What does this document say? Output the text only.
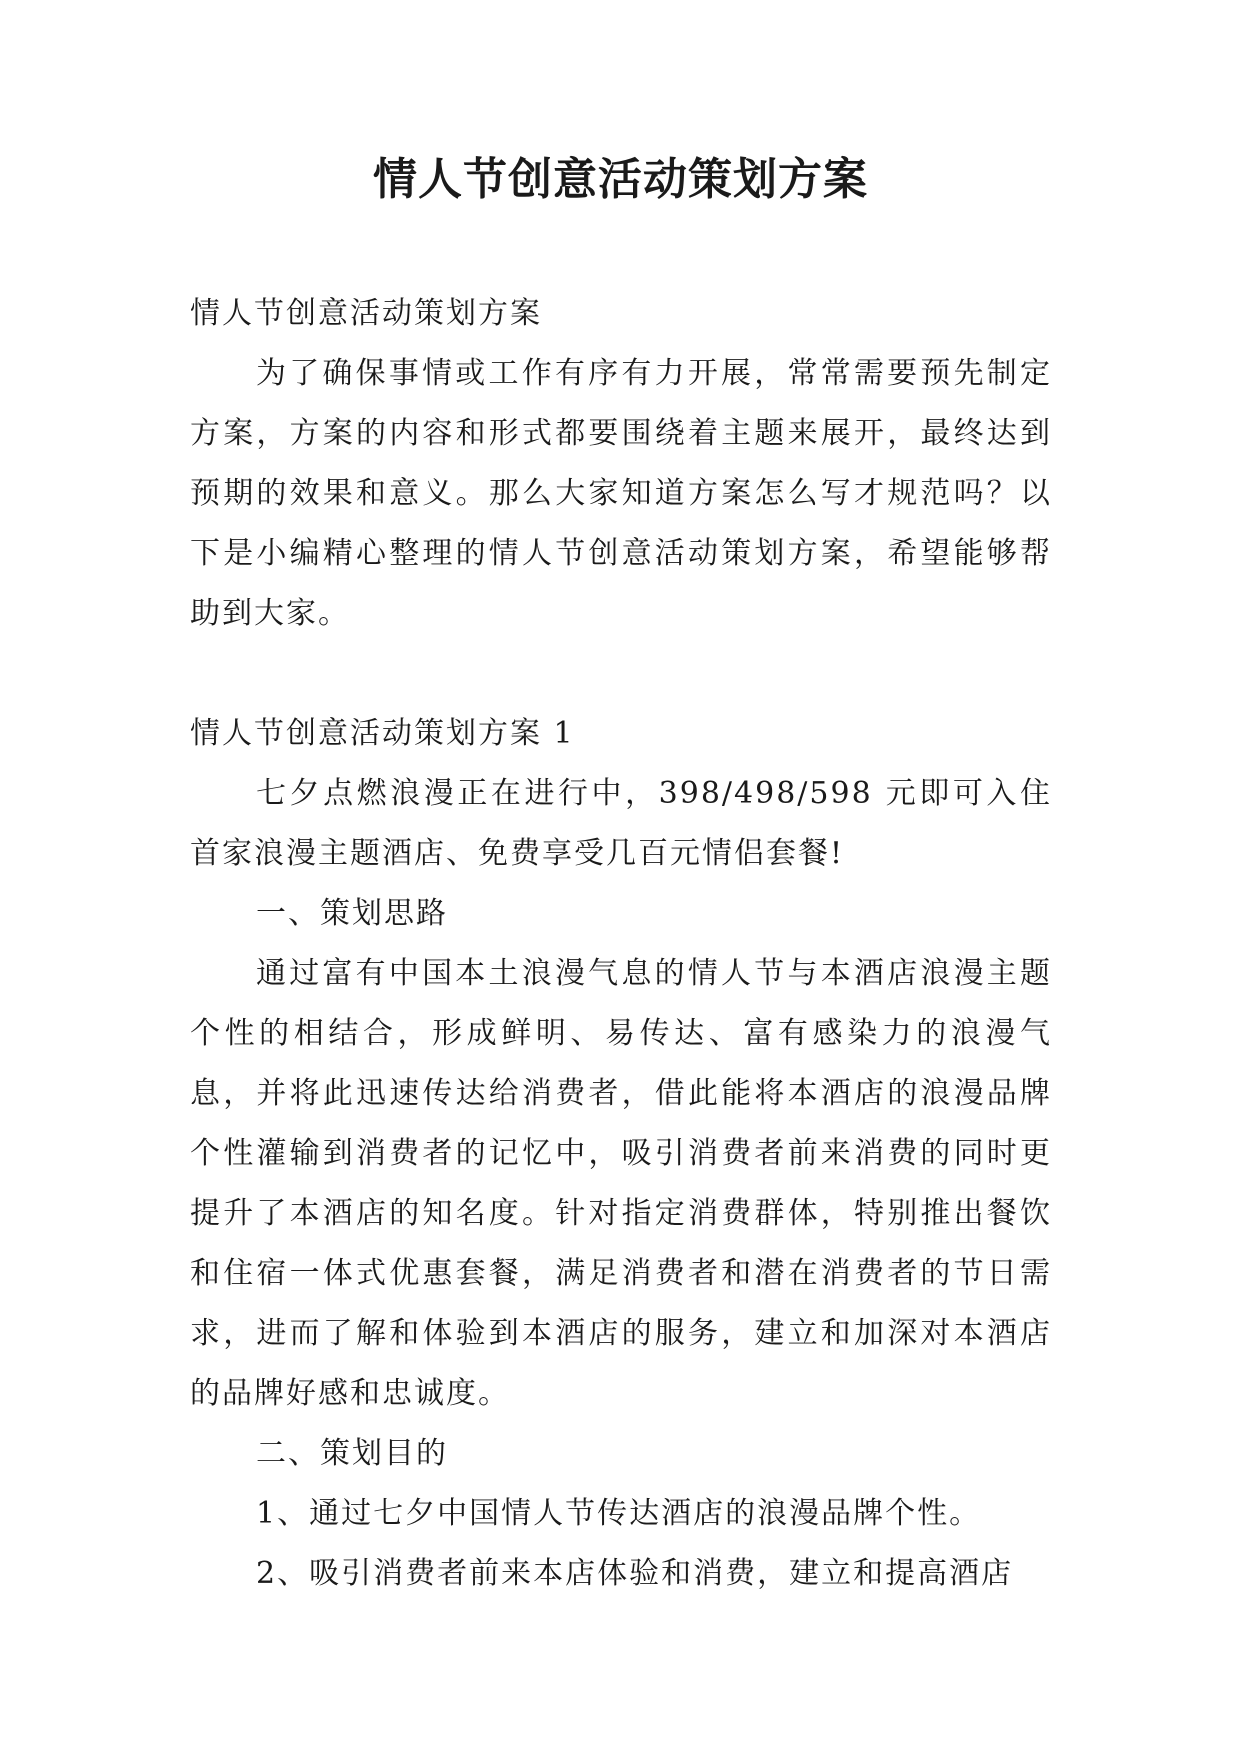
情人节创意活动策划方案

情人节创意活动策划方案

为了确保事情或工作有序有力开展，常常需要预先制定方案，方案的内容和形式都要围绕着主题来展开，最终达到预期的效果和意义。那么大家知道方案怎么写才规范吗？以下是小编精心整理的情人节创意活动策划方案，希望能够帮助到大家。

情人节创意活动策划方案 1

七夕点燃浪漫正在进行中，398/498/598 元即可入住首家浪漫主题酒店、免费享受几百元情侣套餐!

一、策划思路

通过富有中国本土浪漫气息的情人节与本酒店浪漫主题个性的相结合，形成鲜明、易传达、富有感染力的浪漫气息，并将此迅速传达给消费者，借此能将本酒店的浪漫品牌个性灌输到消费者的记忆中，吸引消费者前来消费的同时更提升了本酒店的知名度。针对指定消费群体，特别推出餐饮和住宿一体式优惠套餐，满足消费者和潜在消费者的节日需求，进而了解和体验到本酒店的服务，建立和加深对本酒店的品牌好感和忠诚度。

二、策划目的

1、通过七夕中国情人节传达酒店的浪漫品牌个性。

2、吸引消费者前来本店体验和消费，建立和提高酒店
